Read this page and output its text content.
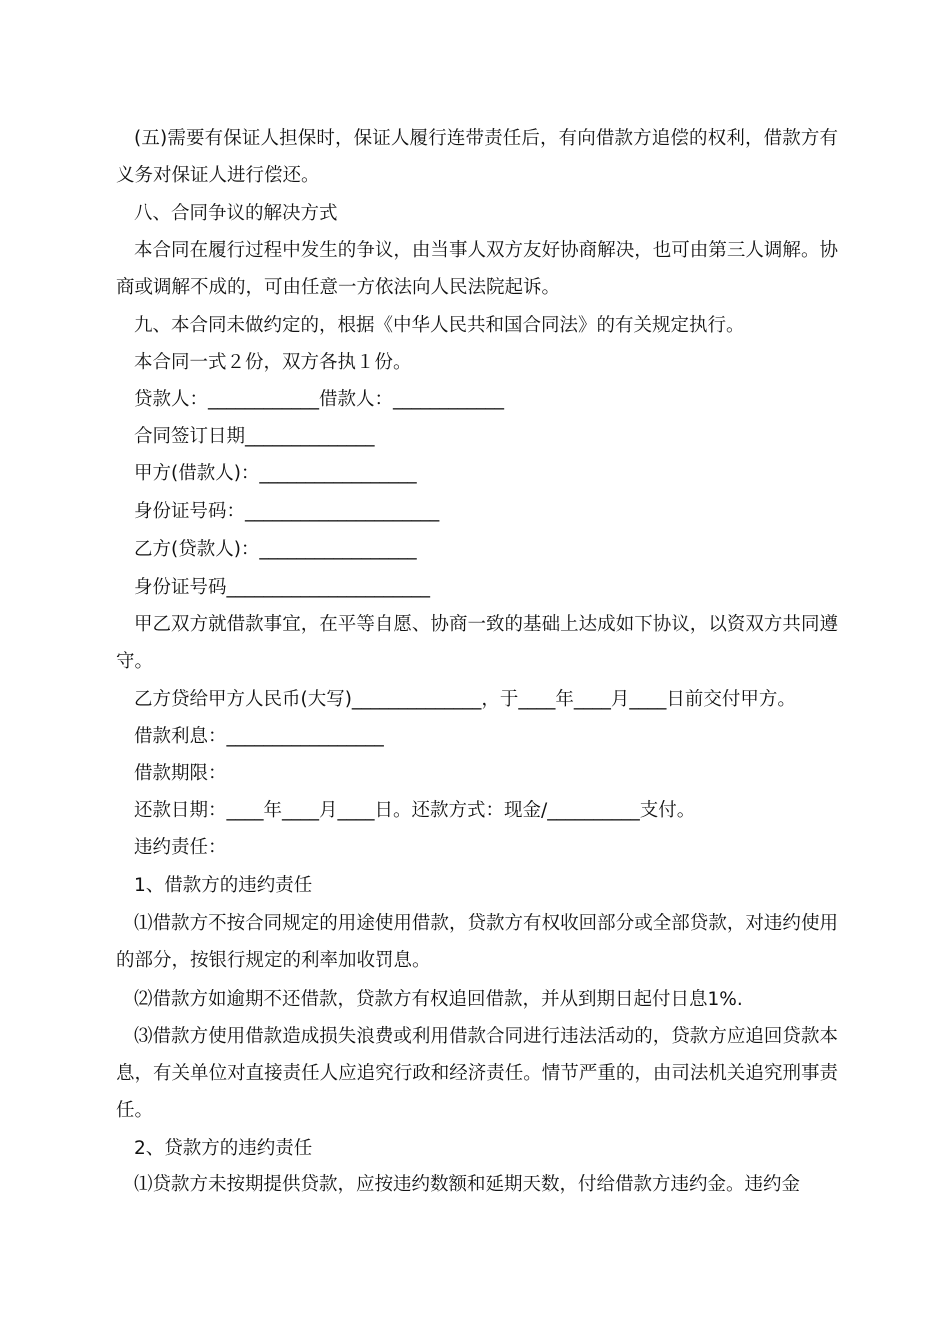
(五)需要有保证人担保时，保证人履行连带责任后，有向借款方追偿的权利，借款方有义务对保证人进行偿还。

八、合同争议的解决方式

本合同在履行过程中发生的争议，由当事人双方友好协商解决，也可由第三人调解。协商或调解不成的，可由任意一方依法向人民法院起诉。

九、本合同未做约定的，根据《中华人民共和国合同法》的有关规定执行。

本合同一式２份，双方各执１份。

贷款人：____________借款人：____________

合同签订日期______________

甲方(借款人)：_________________

身份证号码：_____________________

乙方(贷款人)：_________________

身份证号码______________________

甲乙双方就借款事宜，在平等自愿、协商一致的基础上达成如下协议，以资双方共同遵守。

乙方贷给甲方人民币(大写)______________，于____年____月____日前交付甲方。

借款利息：_________________

借款期限：

还款日期：____年____月____日。还款方式：现金/__________支付。

违约责任：

1、借款方的违约责任

⑴借款方不按合同规定的用途使用借款，贷款方有权收回部分或全部贷款，对违约使用的部分，按银行规定的利率加收罚息。

⑵借款方如逾期不还借款，贷款方有权追回借款，并从到期日起付日息1%.

⑶借款方使用借款造成损失浪费或利用借款合同进行违法活动的，贷款方应追回贷款本息，有关单位对直接责任人应追究行政和经济责任。情节严重的，由司法机关追究刑事责任。

2、贷款方的违约责任

⑴贷款方未按期提供贷款，应按违约数额和延期天数，付给借款方违约金。违约金
